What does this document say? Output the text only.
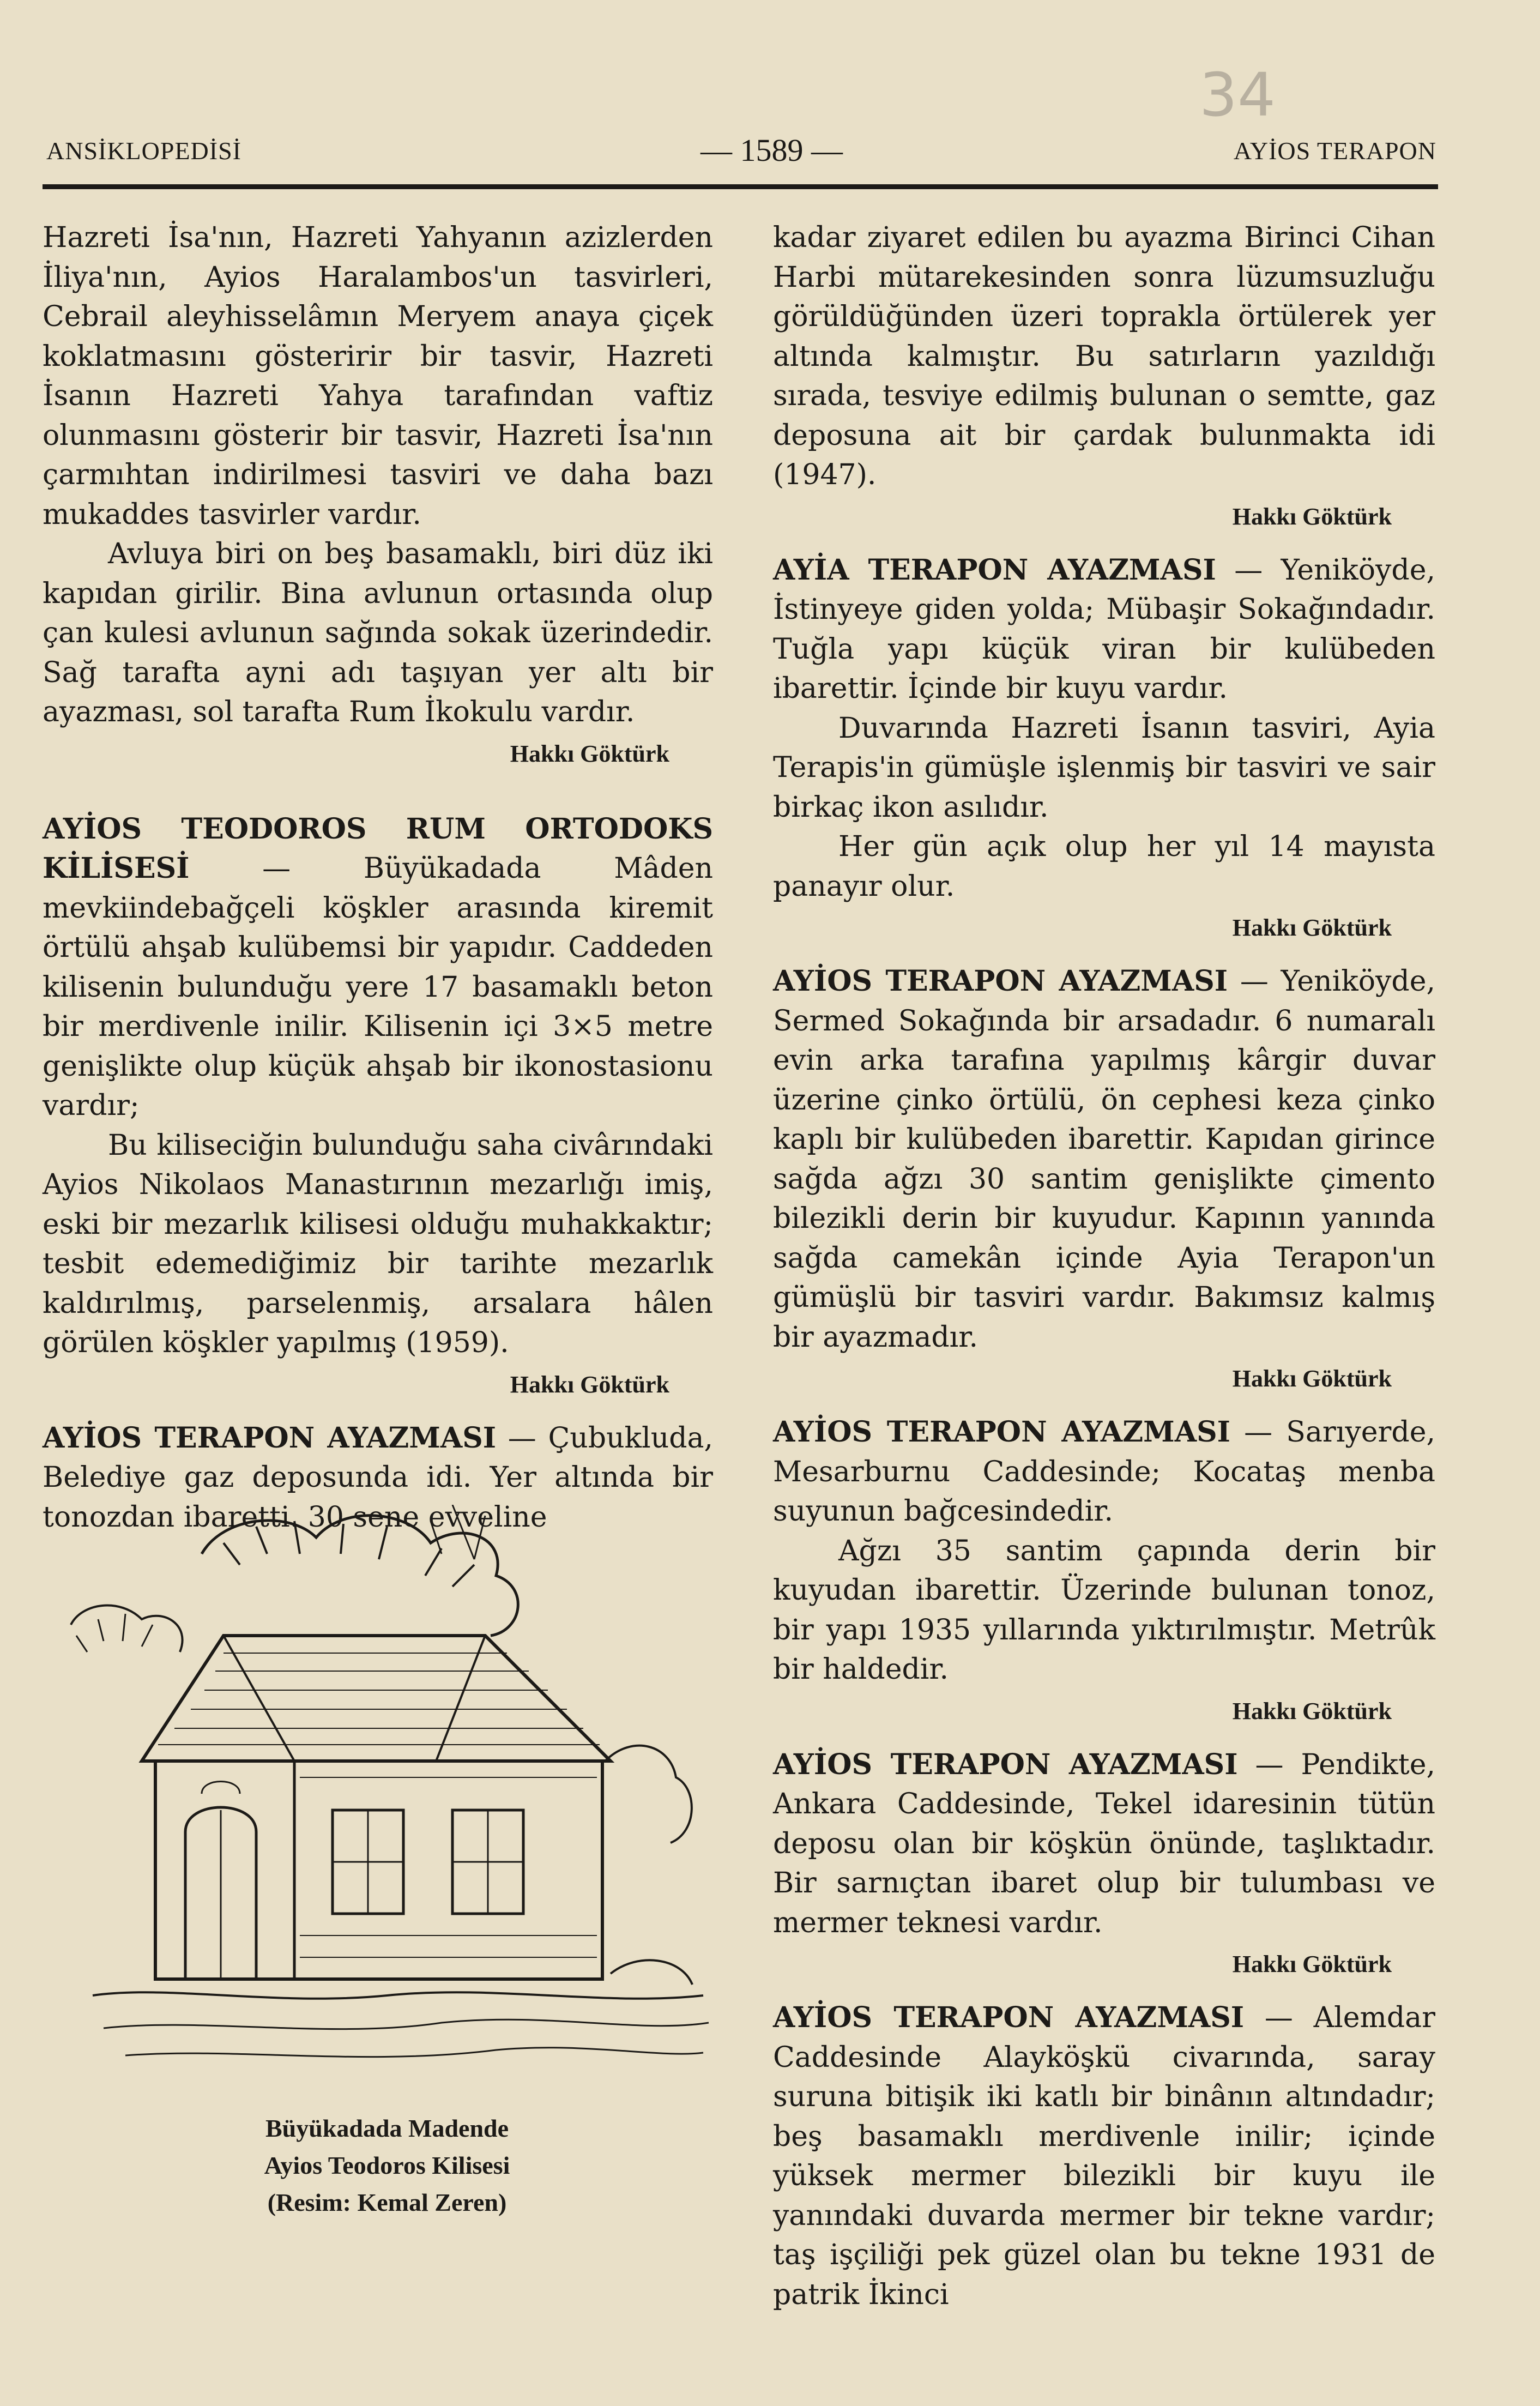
34
ANSİKLOPEDİSİ	— 1589 —	AYİOS TERAPON

Hazreti İsa'nın, Hazreti Yahyanın azizlerden İliya'nın, Ayios Haralambos'un tasvirleri, Cebrail aleyhisselâmın Meryem anaya çiçek koklatmasını gösteririr bir tasvir, Hazreti İsanın Hazreti Yahya tarafından vaftiz olunmasını gösterir bir tasvir, Hazreti İsa'nın çarmıhtan indirilmesi tasviri ve daha bazı mukaddes tasvirler vardır.

Avluya biri on beş basamaklı, biri düz iki kapıdan girilir. Bina avlunun ortasında olup çan kulesi avlunun sağında sokak üzerindedir. Sağ tarafta ayni adı taşıyan yer altı bir ayazması, sol tarafta Rum İkokulu vardır.

Hakkı Göktürk

AYİOS TEODOROS RUM ORTODOKS KİLİSESİ	— Büyükadada Mâden mevkiindebağçeli köşkler arasında kiremit örtülü ahşab kulübemsi bir yapıdır. Caddeden kilisenin bulunduğu yere 17 basamaklı beton bir merdivenle inilir. Kilisenin içi 3×5 metre genişlikte olup küçük ahşab bir ikonostasionu vardır;

Bu kiliseciğin bulunduğu saha civârındaki Ayios Nikolaos Manastırının mezarlığı imiş, eski bir mezarlık kilisesi olduğu muhakkaktır; tesbit edemediğimiz bir tarihte mezarlık kaldırılmış, parselenmiş, arsalara hâlen görülen köşkler yapılmış (1959).

Hakkı Göktürk

AYİOS TERAPON AYAZMASI — Çubukluda, Belediye gaz deposunda idi. Yer altında bir tonozdan ibaretti. 30 sene evveline

Büyükadada Madende
Ayios Teodoros Kilisesi
(Resim: Kemal Zeren)

kadar ziyaret edilen bu ayazma Birinci Cihan Harbi mütarekesinden sonra lüzumsuzluğu görüldüğünden üzeri toprakla örtülerek yer altında kalmıştır. Bu satırların yazıldığı sırada, tesviye edilmiş bulunan o semtte, gaz deposuna ait bir çardak bulunmakta idi (1947).

Hakkı Göktürk

AYİA TERAPON AYAZMASI — Yeniköyde, İstinyeye giden yolda; Mübaşir Sokağındadır. Tuğla yapı küçük viran bir kulübeden ibarettir. İçinde bir kuyu vardır.

Duvarında Hazreti İsanın tasviri, Ayia Terapis'in gümüşle işlenmiş bir tasviri ve sair birkaç ikon asılıdır.

Her gün açık olup her yıl 14 mayısta panayır olur.

Hakkı Göktürk

AYİOS TERAPON AYAZMASI — Yeniköyde, Sermed Sokağında bir arsadadır. 6 numaralı evin arka tarafına yapılmış kârgir duvar üzerine çinko örtülü, ön cephesi keza çinko kaplı bir kulübeden ibarettir. Kapıdan girince sağda ağzı 30 santim genişlikte çimento bilezikli derin bir kuyudur. Kapının yanında sağda camekân içinde Ayia Terapon'un gümüşlü bir tasviri vardır. Bakımsız kalmış bir ayazmadır.

Hakkı Göktürk

AYİOS TERAPON AYAZMASI — Sarıyerde, Mesarburnu Caddesinde; Kocataş menba suyunun bağcesindedir.

Ağzı 35 santim çapında derin bir kuyudan ibarettir. Üzerinde bulunan tonoz, bir yapı 1935 yıllarında yıktırılmıştır. Metrûk bir haldedir.

Hakkı Göktürk

AYİOS TERAPON AYAZMASI — Pendikte, Ankara Caddesinde, Tekel idaresinin tütün deposu olan bir köşkün önünde, taşlıktadır. Bir sarnıçtan ibaret olup bir tulumbası ve mermer teknesi vardır.

Hakkı Göktürk

AYİOS TERAPON AYAZMASI — Alemdar Caddesinde Alayköşkü civarında, saray suruna bitişik iki katlı bir binânın altındadır; beş basamaklı merdivenle inilir; içinde yüksek mermer bilezikli bir kuyu ile yanındaki duvarda mermer bir tekne vardır; taş işçiliği pek güzel olan bu tekne 1931 de patrik İkinci
